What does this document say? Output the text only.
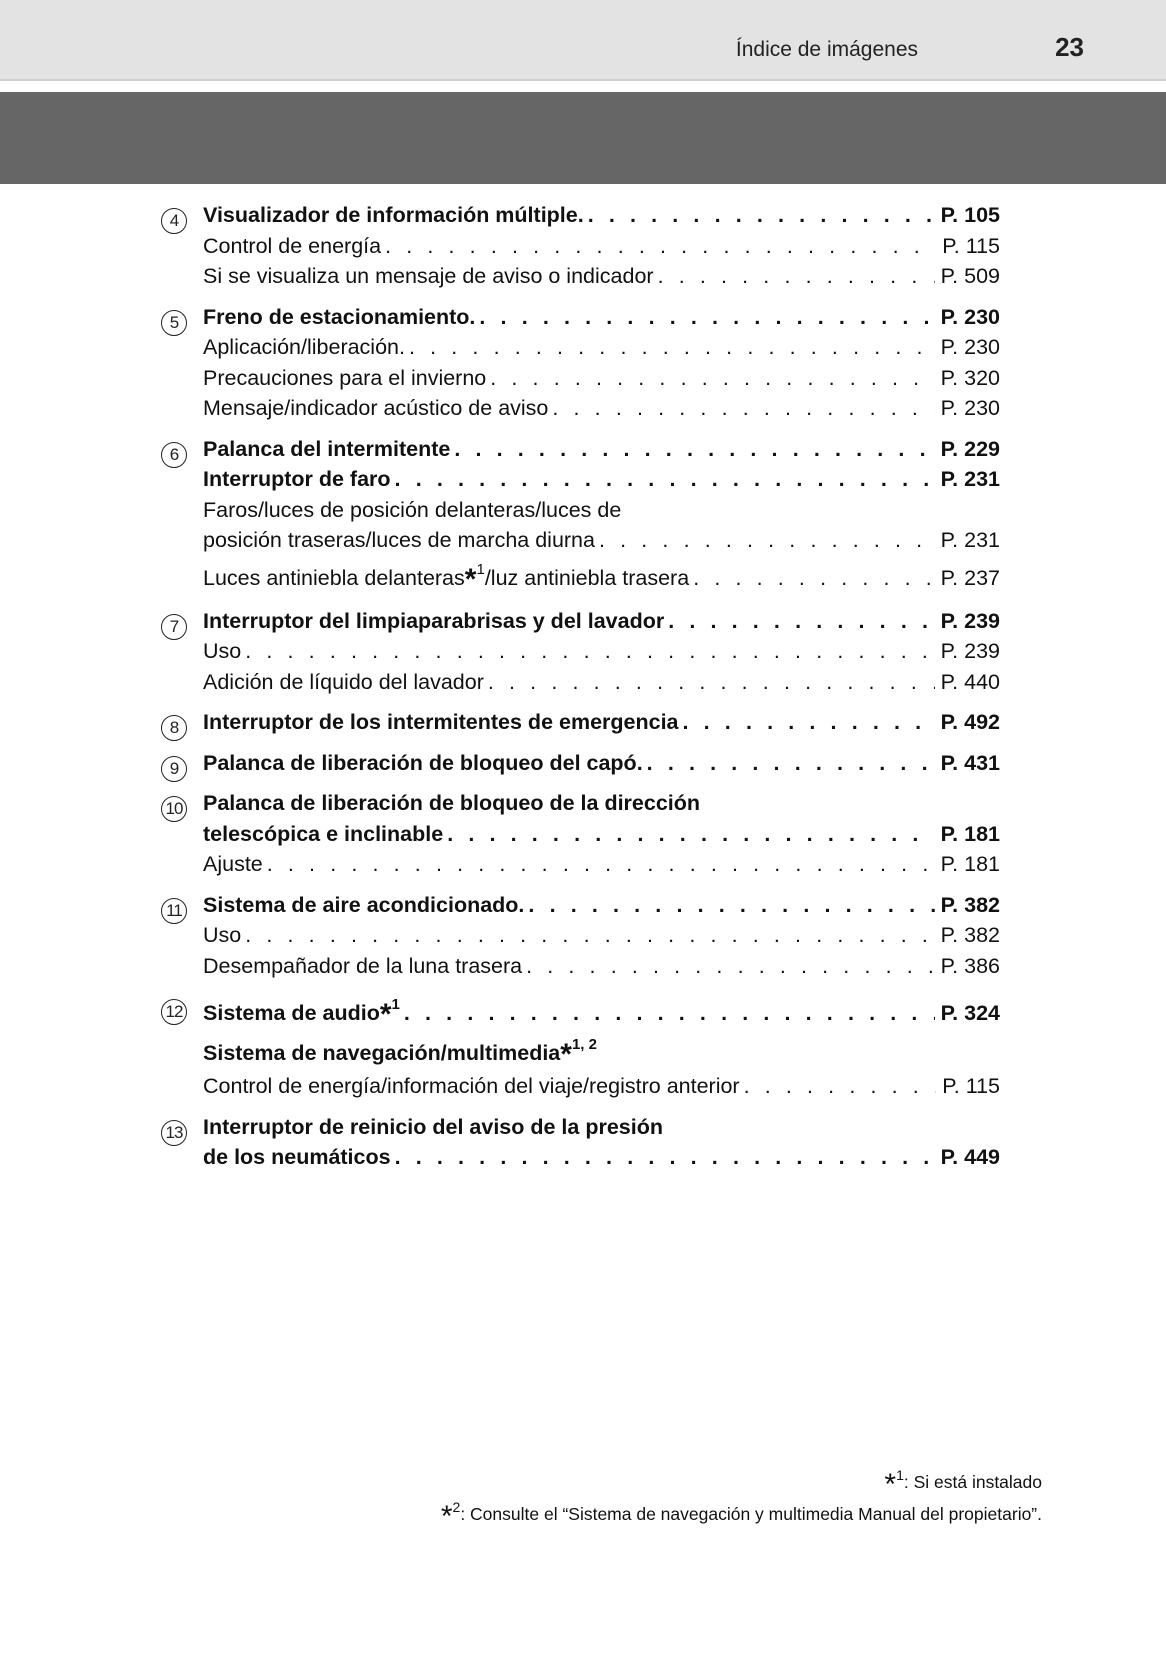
Índice de imágenes	23
4	Visualizador de información múltiple. . . .	P. 105
Control de energía . . .	P. 115
Si se visualiza un mensaje de aviso o indicador . . .	P. 509
5	Freno de estacionamiento. . . .	P. 230
Aplicación/liberación. . . .	P. 230
Precauciones para el invierno . . .	P. 320
Mensaje/indicador acústico de aviso . . .	P. 230
6	Palanca del intermitente . . .	P. 229
Interruptor de faro . . .	P. 231
Faros/luces de posición delanteras/luces de
posición traseras/luces de marcha diurna . . .	P. 231
Luces antiniebla delanteras*$^1$/luz antiniebla trasera . . .	P. 237
7	Interruptor del limpiaparabrisas y del lavador . . .	P. 239
Uso . . .	P. 239
Adición de líquido del lavador . . .	P. 440
8	Interruptor de los intermitentes de emergencia . . .	P. 492
9	Palanca de liberación de bloqueo del capó. . . .	P. 431
10 Palanca de liberación de bloqueo de la dirección
telescópica e inclinable . . .	P. 181
Ajuste . . .	P. 181
11 Sistema de aire acondicionado. . . .	P. 382
Uso . . .	P. 382
Desempañador de la luna trasera . . .	P. 386
12 Sistema de audio*$^1$ . . .	P. 324
Sistema de navegación/multimedia*$^{1, 2}$
Control de energía/información del viaje/registro anterior . . .	P. 115
13 Interruptor de reinicio del aviso de la presión
de los neumáticos . . .	P. 449
*$^1$: Si está instalado
*$^2$: Consulte el “Sistema de navegación y multimedia Manual del propietario”.
